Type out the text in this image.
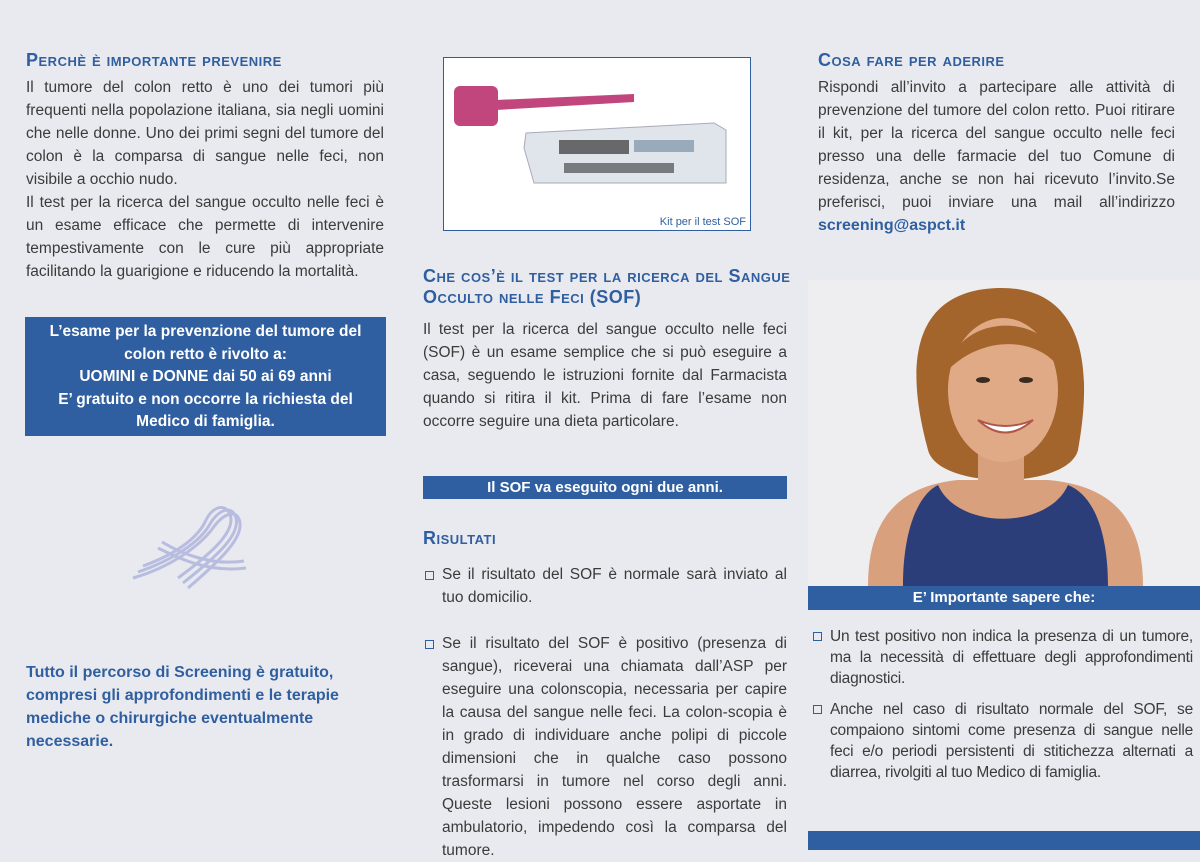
Perchè è importante prevenire

Il tumore del colon retto è uno dei tumori più frequenti nella popolazione italiana, sia negli uomini che nelle donne. Uno dei primi segni del tumore del colon è la comparsa di sangue nelle feci, non visibile a occhio nudo.

Il test per la ricerca del sangue occulto nelle feci è un esame efficace che permette di intervenire tempestivamente con le cure più appropriate facilitando la guarigione e riducendo la mortalità.

L’esame per la prevenzione del tumore del colon retto è rivolto a:
UOMINI e DONNE dai 50 ai 69 anni
E’ gratuito e non occorre la richiesta del Medico di famiglia.

Tutto il percorso di Screening è gratuito, compresi gli approfondimenti e le terapie mediche o chirurgiche eventualmente necessarie.

Kit per il test SOF
Che cos’è il test per la ricerca del Sangue Occulto nelle Feci (SOF)

Il test per la ricerca del sangue occulto nelle feci (SOF) è un esame semplice che si può eseguire a casa, seguendo le istruzioni fornite dal Farmacista quando si ritira il kit. Prima di fare l’esame non occorre seguire una dieta particolare.

Il SOF va eseguito ogni due anni.
Risultati
Se il risultato del SOF è normale sarà inviato al tuo domicilio.
Se il risultato del SOF è positivo (presenza di sangue), riceverai una chiamata dall’ASP per eseguire una colonscopia, necessaria per capire la causa del sangue nelle feci. La colon-scopia è in grado di individuare anche polipi di piccole dimensioni che in qualche caso possono trasformarsi in tumore nel corso degli anni. Queste lesioni possono essere asportate in ambulatorio, impedendo così la comparsa del tumore.
Cosa fare per aderire

Rispondi all’invito a partecipare alle attività di prevenzione del tumore del colon retto. Puoi ritirare il kit, per la ricerca del sangue occulto nelle feci presso una delle farmacie del tuo Comune di residenza, anche se non hai ricevuto l’invito.Se preferisci, puoi inviare una mail all’indirizzo screening@aspct.it

E’ Importante sapere che:
Un test positivo non indica la presenza di un tumore, ma la necessità di effettuare degli approfondimenti diagnostici.
Anche nel caso di risultato normale del SOF, se compaiono sintomi come presenza di sangue nelle feci e/o periodi persistenti di stitichezza alternati a diarrea, rivolgiti al tuo Medico di famiglia.
